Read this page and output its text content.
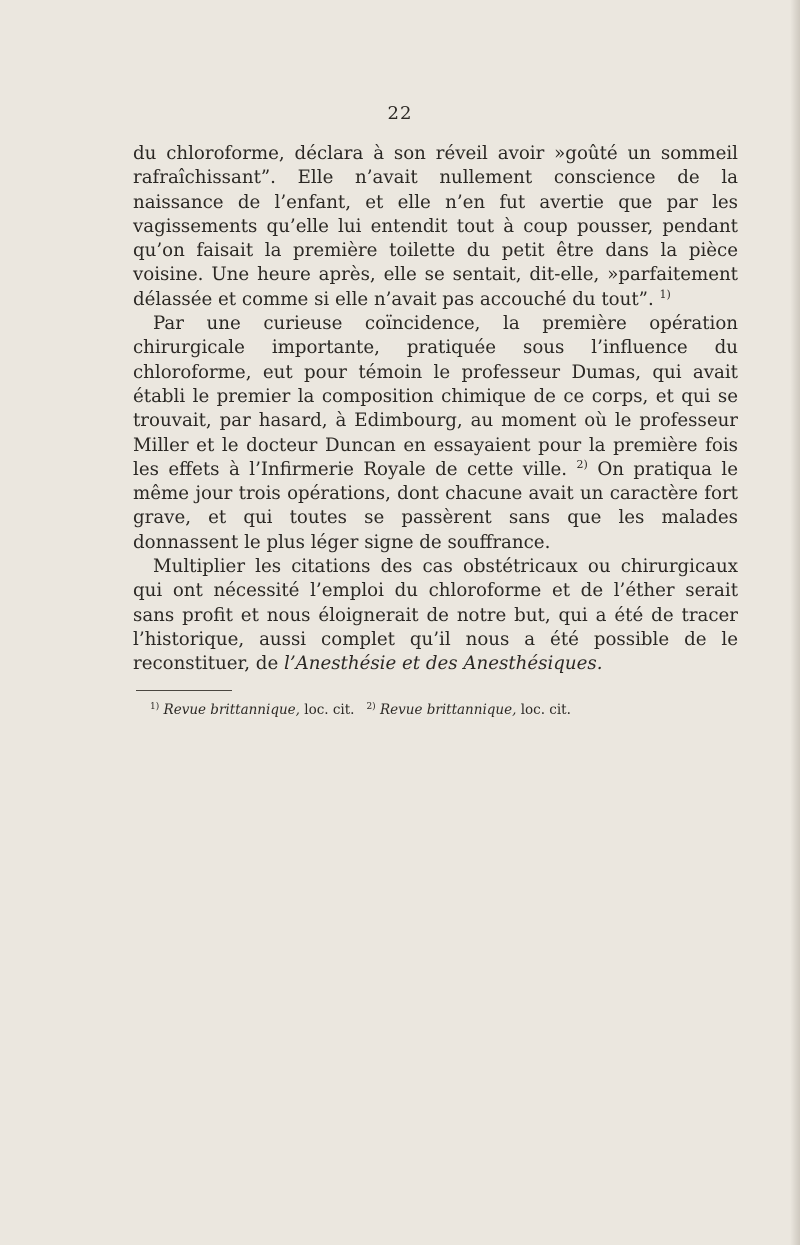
22

du chloroforme, déclara à son réveil avoir »goûté un sommeil rafraîchissant”. Elle n’avait nullement conscience de la naissance de l’enfant, et elle n’en fut avertie que par les vagissements qu’elle lui entendit tout à coup pousser, pendant qu’on faisait la première toilette du petit être dans la pièce voisine. Une heure après, elle se sentait, dit-elle, »parfaitement délassée et comme si elle n’avait pas accouché du tout”. $^{1)}$

Par une curieuse coïncidence, la première opération chirurgicale importante, pratiquée sous l’influence du chloroforme, eut pour témoin le professeur Dumas, qui avait établi le premier la composition chimique de ce corps, et qui se trouvait, par hasard, à Edimbourg, au moment où le professeur Miller et le docteur Duncan en essayaient pour la première fois les effets à l’Infirmerie Royale de cette ville. $^{2)}$ On pratiqua le même jour trois opérations, dont chacune avait un caractère fort grave, et qui toutes se passèrent sans que les malades donnassent le plus léger signe de souffrance.

Multiplier les citations des cas obstétricaux ou chirurgicaux qui ont nécessité l’emploi du chloroforme et de l’éther serait sans profit et nous éloignerait de notre but, qui a été de tracer l’historique, aussi complet qu’il nous a été possible de le reconstituer, de l’Anesthésie et des Anesthésiques.

$^{1)}$ Revue brittannique, loc. cit. $^{2)}$ Revue brittannique, loc. cit.
